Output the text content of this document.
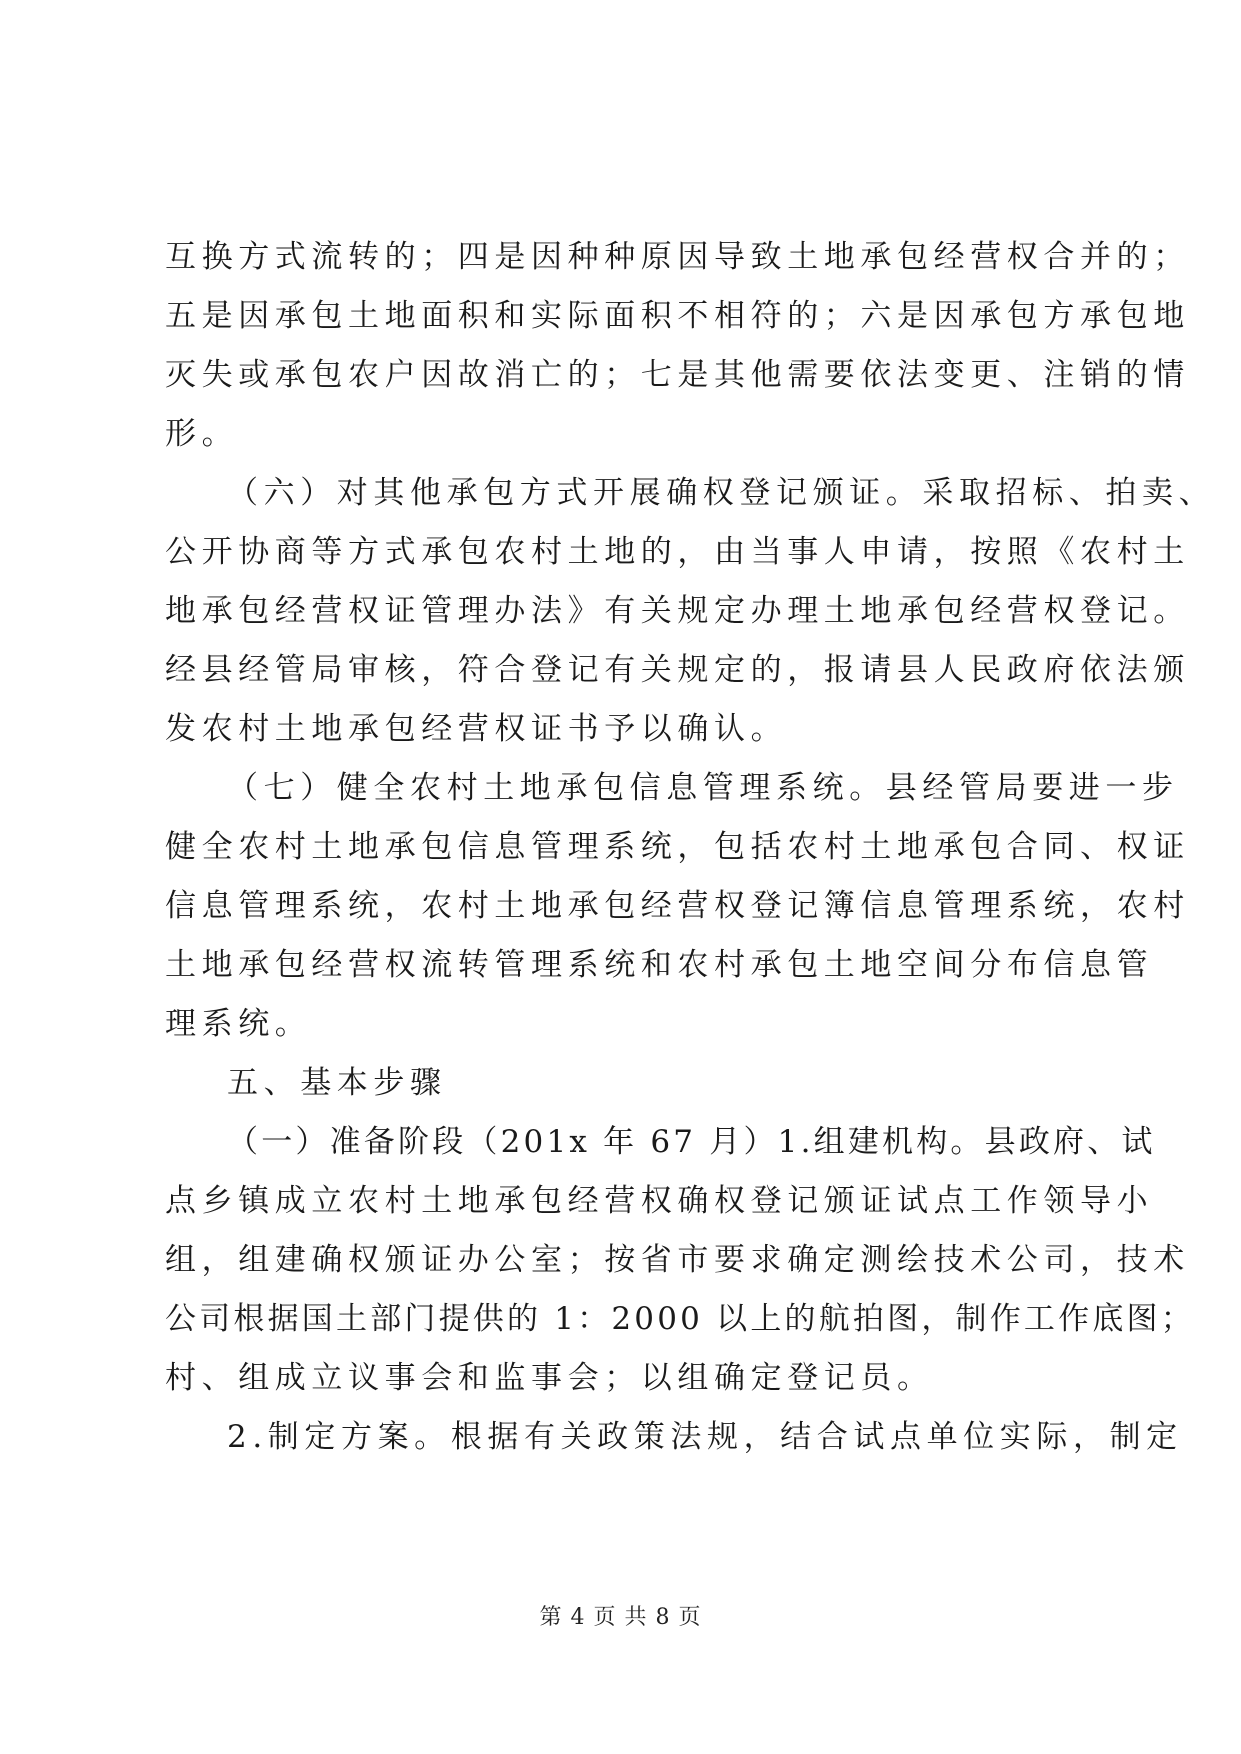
互换方式流转的；四是因种种原因导致土地承包经营权合并的；
五是因承包土地面积和实际面积不相符的；六是因承包方承包地
灭失或承包农户因故消亡的；七是其他需要依法变更、注销的情
形。
（六）对其他承包方式开展确权登记颁证。采取招标、拍卖、
公开协商等方式承包农村土地的，由当事人申请，按照《农村土
地承包经营权证管理办法》有关规定办理土地承包经营权登记。
经县经管局审核，符合登记有关规定的，报请县人民政府依法颁
发农村土地承包经营权证书予以确认。
（七）健全农村土地承包信息管理系统。县经管局要进一步
健全农村土地承包信息管理系统，包括农村土地承包合同、权证
信息管理系统，农村土地承包经营权登记簿信息管理系统，农村
土地承包经营权流转管理系统和农村承包土地空间分布信息管
理系统。
五、基本步骤
（一）准备阶段（201x 年 67 月）1.组建机构。县政府、试
点乡镇成立农村土地承包经营权确权登记颁证试点工作领导小
组，组建确权颁证办公室；按省市要求确定测绘技术公司，技术
公司根据国土部门提供的 1：2000 以上的航拍图，制作工作底图；
村、组成立议事会和监事会；以组确定登记员。
2.制定方案。根据有关政策法规，结合试点单位实际，制定
第 4 页 共 8 页
